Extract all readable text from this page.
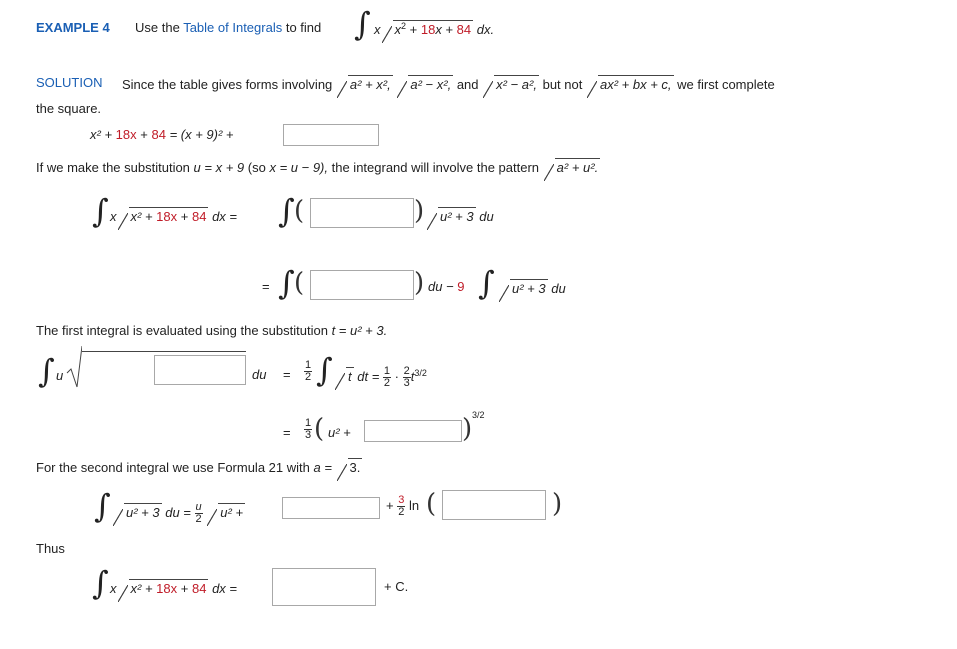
EXAMPLE 4 Use the Table of Integrals to find ∫ x $x^2 + 18x + 84$ dx.
SOLUTION Since the table gives forms involving a² + x², a² − x², and x² − a², but not ax² + bx + c, we first complete
the square.
x² + 18x + 84 = (x + 9)² +
If we make the substitution u = x + 9 (so x = u − 9), the integrand will involve the pattern a² + u².
∫ x x² + 18x + 84 dx = ∫ (	)	u² + 3 du
= ∫ (	) du − 9 ∫	u² + 3 du
The first integral is evaluated using the substitution t = u² + 3.
∫ u	du = $\frac{1}{2}$ ∫	t dt = $\frac{1}{2} \cdot \frac{2}{3} t^{3/2}$
= $\frac{1}{3}$ ( u² +	) 3/2
For the second integral we use Formula 21 with a = 3.
∫	u² + 3 du = $\frac{u}{2} u^2$ +	+ $\frac{3}{2}$ ln (	)
Thus
∫ x x² + 18x + 84 dx =	+ C.
